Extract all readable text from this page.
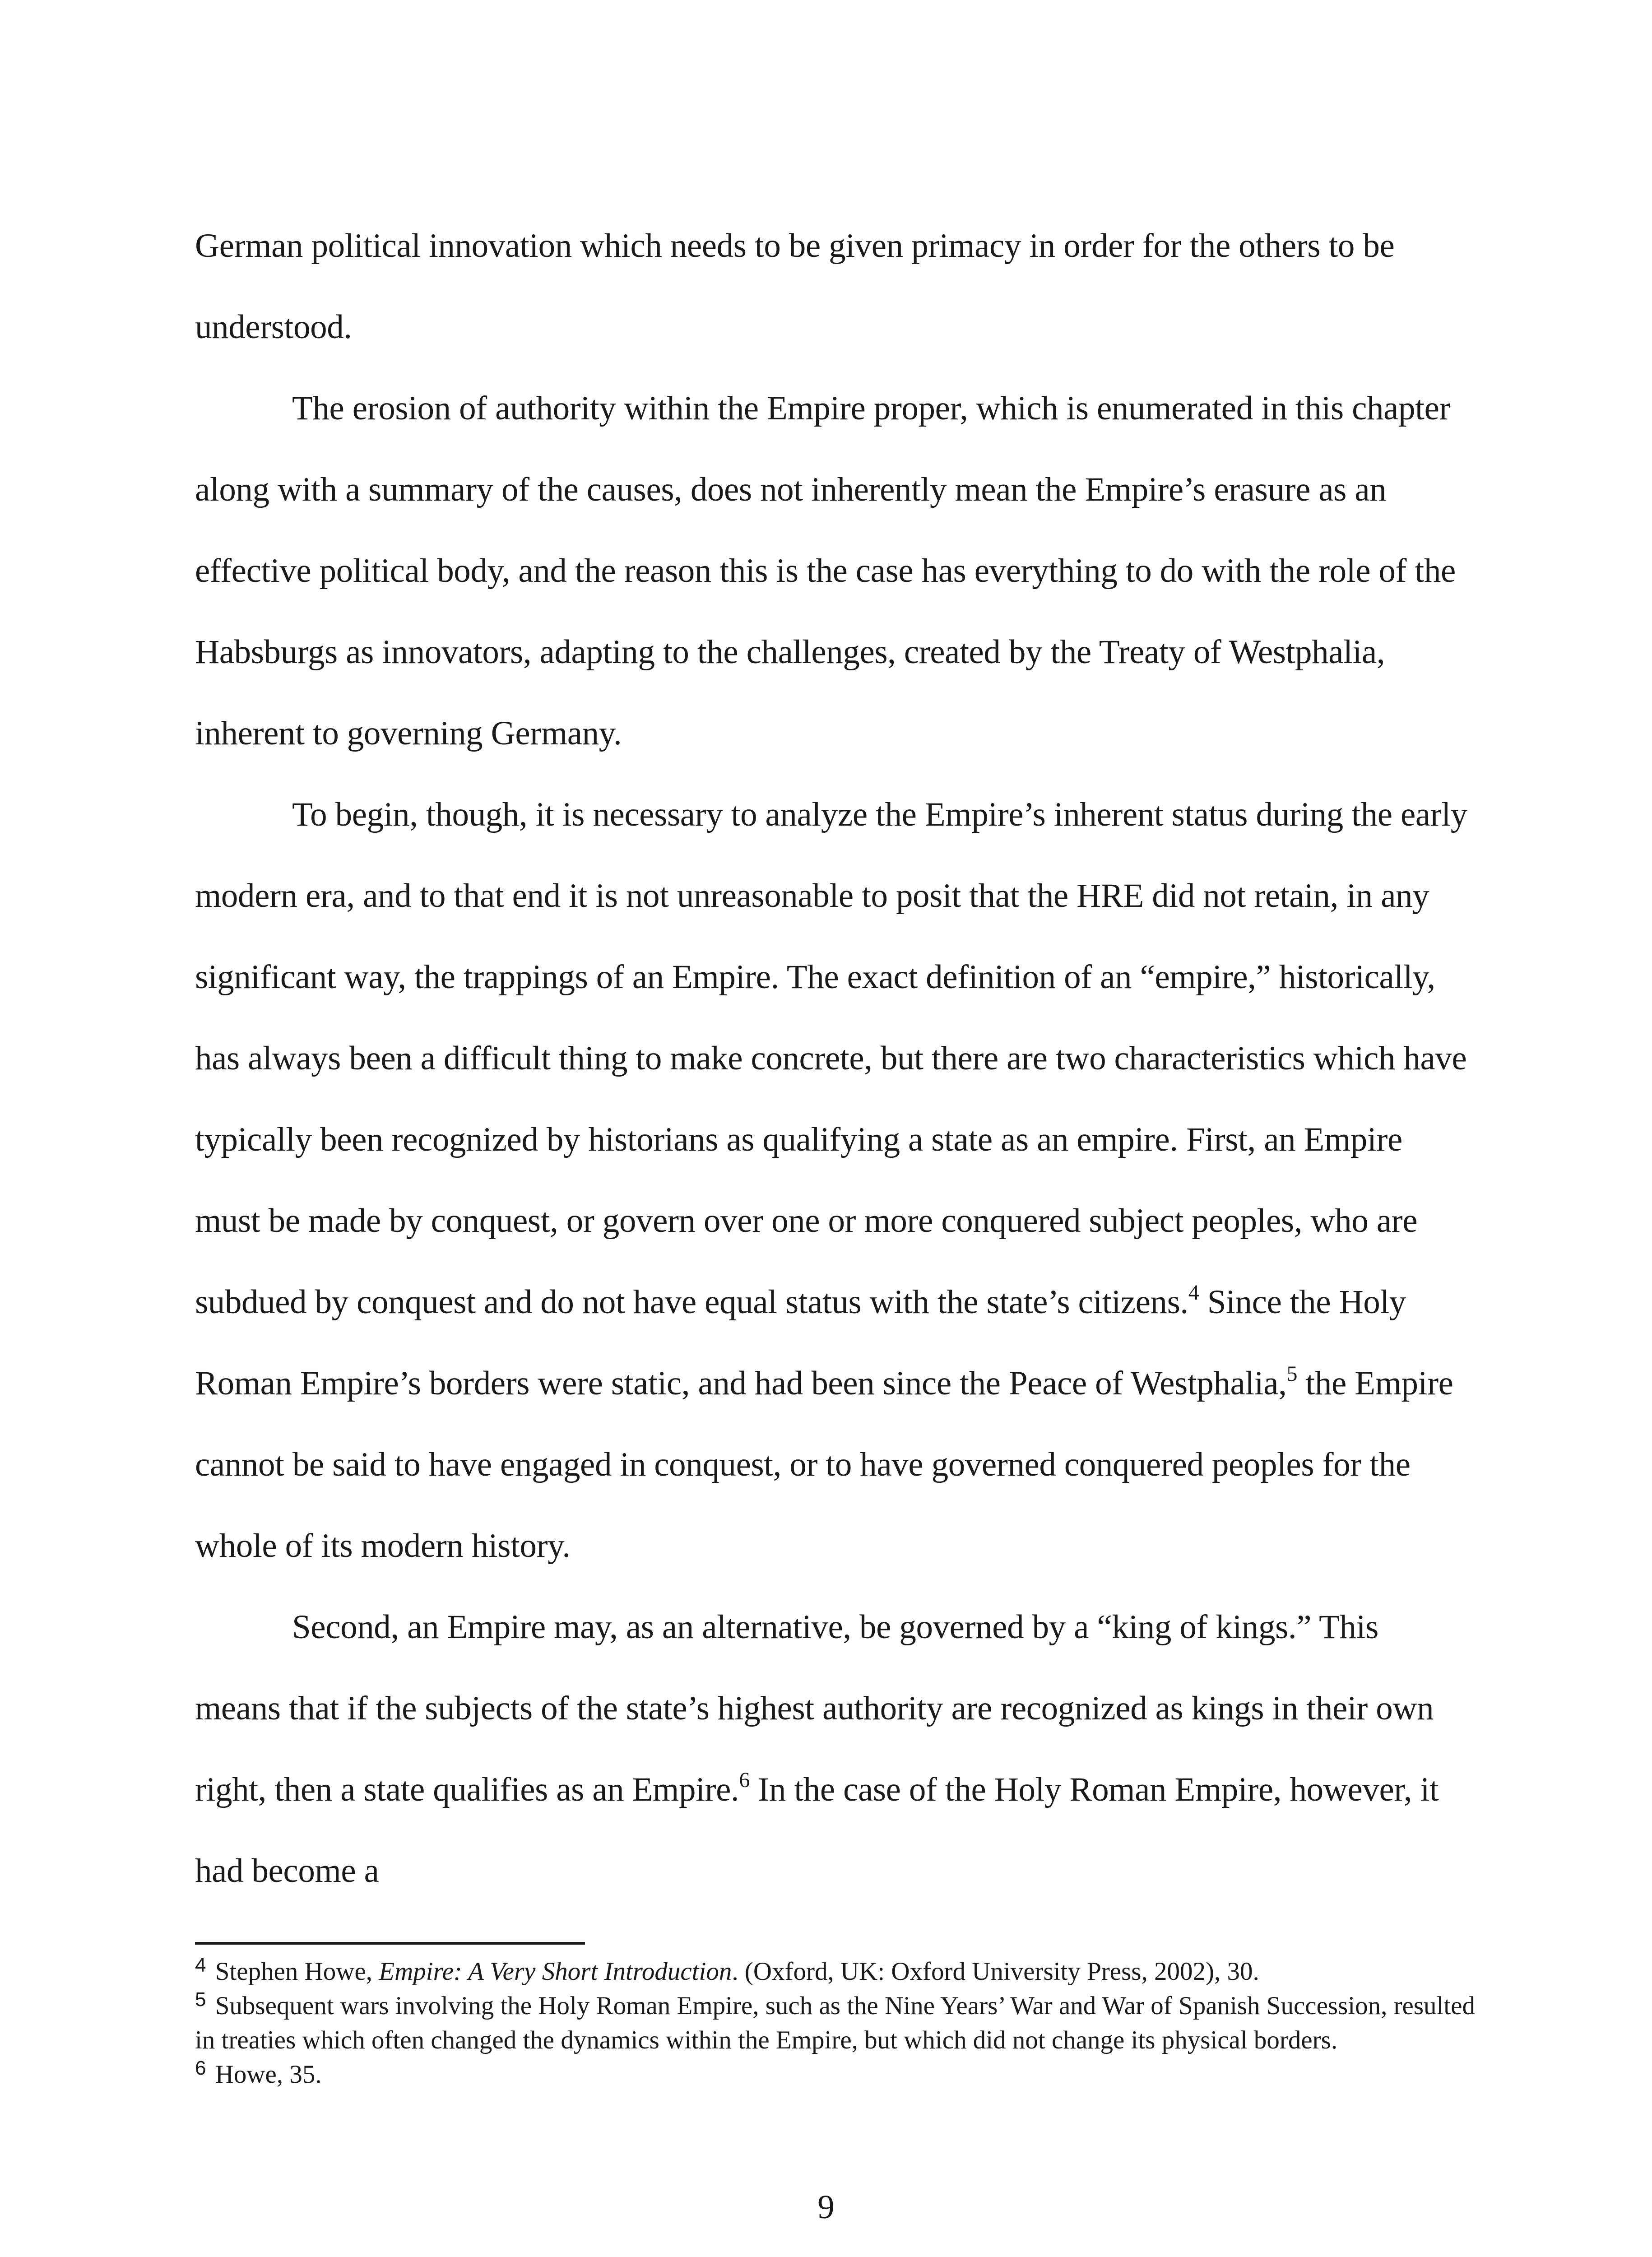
German political innovation which needs to be given primacy in order for the others to be understood.

The erosion of authority within the Empire proper, which is enumerated in this chapter along with a summary of the causes, does not inherently mean the Empire’s erasure as an effective political body, and the reason this is the case has everything to do with the role of the Habsburgs as innovators, adapting to the challenges, created by the Treaty of Westphalia, inherent to governing Germany.

To begin, though, it is necessary to analyze the Empire’s inherent status during the early modern era, and to that end it is not unreasonable to posit that the HRE did not retain, in any significant way, the trappings of an Empire. The exact definition of an “empire,” historically, has always been a difficult thing to make concrete, but there are two characteristics which have typically been recognized by historians as qualifying a state as an empire. First, an Empire must be made by conquest, or govern over one or more conquered subject peoples, who are subdued by conquest and do not have equal status with the state’s citizens.$^4$ Since the Holy Roman Empire’s borders were static, and had been since the Peace of Westphalia,$^5$ the Empire cannot be said to have engaged in conquest, or to have governed conquered peoples for the whole of its modern history.

Second, an Empire may, as an alternative, be governed by a “king of kings.” This means that if the subjects of the state’s highest authority are recognized as kings in their own right, then a state qualifies as an Empire.$^6$ In the case of the Holy Roman Empire, however, it had become a

$^4$ Stephen Howe, Empire: A Very Short Introduction. (Oxford, UK: Oxford University Press, 2002), 30.

$^5$ Subsequent wars involving the Holy Roman Empire, such as the Nine Years’ War and War of Spanish Succession, resulted in treaties which often changed the dynamics within the Empire, but which did not change its physical borders.

$^6$ Howe, 35.

9
